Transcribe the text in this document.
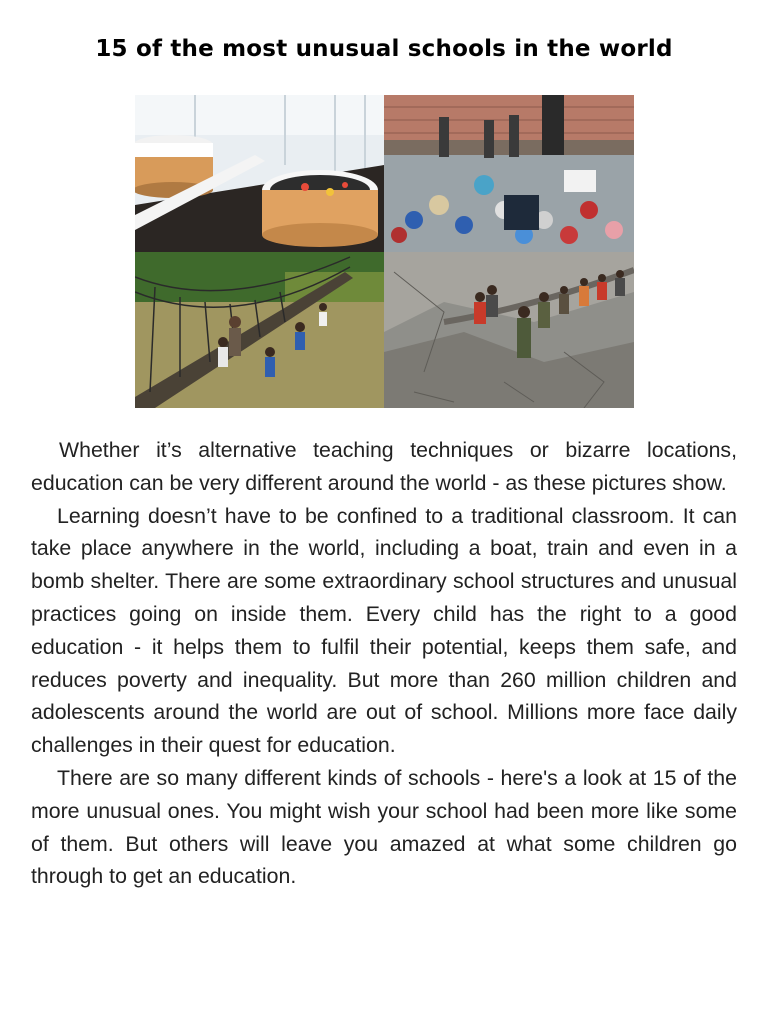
15 of the most unusual schools in the world

Whether it’s alternative teaching techniques or bizarre locations, education can be very different around the world - as these pictures show.

Learning doesn’t have to be confined to a traditional classroom. It can take place anywhere in the world, including a boat, train and even in a bomb shelter. There are some extraordinary school structures and unusual practices going on inside them. Every child has the right to a good education - it helps them to fulfil their potential, keeps them safe, and reduces poverty and inequality. But more than 260 million children and adolescents around the world are out of school. Millions more face daily challenges in their quest for education.

There are so many different kinds of schools - here's a look at 15 of the more unusual ones. You might wish your school had been more like some of them. But others will leave you amazed at what some children go through to get an education.
